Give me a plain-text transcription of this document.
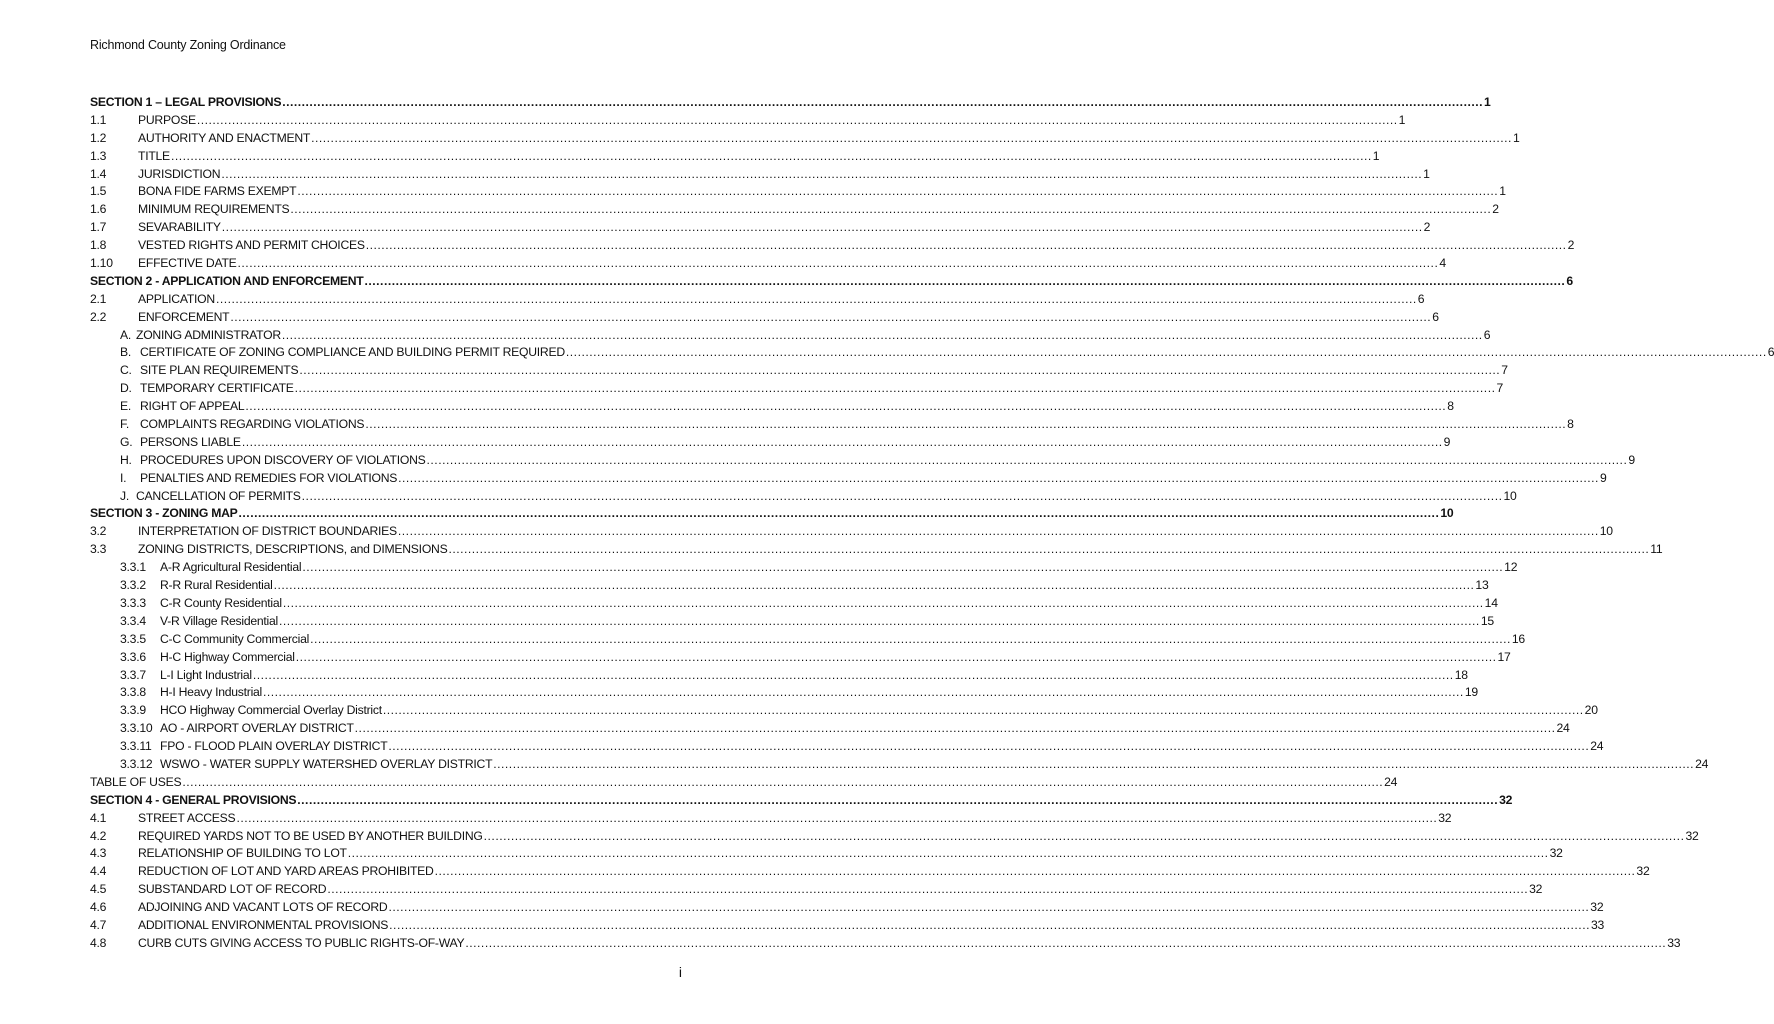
Richmond County Zoning Ordinance
SECTION 1 – LEGAL PROVISIONS .....	1
1.1	PURPOSE .....	1
1.2	AUTHORITY AND ENACTMENT .....	1
1.3	TITLE .....	1
1.4	JURISDICTION .....	1
1.5	BONA FIDE FARMS EXEMPT .....	1
1.6	MINIMUM REQUIREMENTS .....	2
1.7	SEVARABILITY .....	2
1.8	VESTED RIGHTS AND PERMIT CHOICES .....	2
1.10	EFFECTIVE DATE .....	4
SECTION 2 - APPLICATION AND ENFORCEMENT .....	6
2.1	APPLICATION .....	6
2.2	ENFORCEMENT .....	6
A. ZONING ADMINISTRATOR .....	6
B. CERTIFICATE OF ZONING COMPLIANCE AND BUILDING PERMIT REQUIRED .....	6
C. SITE PLAN REQUIREMENTS .....	7
D. TEMPORARY CERTIFICATE .....	7
E. RIGHT OF APPEAL .....	8
F. COMPLAINTS REGARDING VIOLATIONS .....	8
G. PERSONS LIABLE .....	9
H. PROCEDURES UPON DISCOVERY OF VIOLATIONS .....	9
I.	PENALTIES AND REMEDIES FOR VIOLATIONS .....	9
J. CANCELLATION OF PERMITS .....	10
SECTION 3 - ZONING MAP .....	10
3.2	INTERPRETATION OF DISTRICT BOUNDARIES .....	10
3.3	ZONING DISTRICTS, DESCRIPTIONS, and DIMENSIONS .....	11
3.3.1	A-R Agricultural Residential .....	12
3.3.2	R-R Rural Residential .....	13
3.3.3	C-R County Residential .....	14
3.3.4	V-R Village Residential .....	15
3.3.5	C-C Community Commercial .....	16
3.3.6	H-C Highway Commercial .....	17
3.3.7	L-I Light Industrial .....	18
3.3.8	H-I Heavy Industrial .....	19
3.3.9	HCO Highway Commercial Overlay District .....	20
3.3.10 AO - AIRPORT OVERLAY DISTRICT .....	24
3.3.11 FPO - FLOOD PLAIN OVERLAY DISTRICT .....	24
3.3.12 WSWO - WATER SUPPLY WATERSHED OVERLAY DISTRICT .....	24
TABLE OF USES .....	24
SECTION 4 - GENERAL PROVISIONS .....	32
4.1	STREET ACCESS .....	32
4.2	REQUIRED YARDS NOT TO BE USED BY ANOTHER BUILDING .....	32
4.3	RELATIONSHIP OF BUILDING TO LOT .....	32
4.4	REDUCTION OF LOT AND YARD AREAS PROHIBITED .....	32
4.5	SUBSTANDARD LOT OF RECORD .....	32
4.6	ADJOINING AND VACANT LOTS OF RECORD .....	32
4.7	ADDITIONAL ENVIRONMENTAL PROVISIONS .....	33
4.8	CURB CUTS GIVING ACCESS TO PUBLIC RIGHTS-OF-WAY .....	33
i
